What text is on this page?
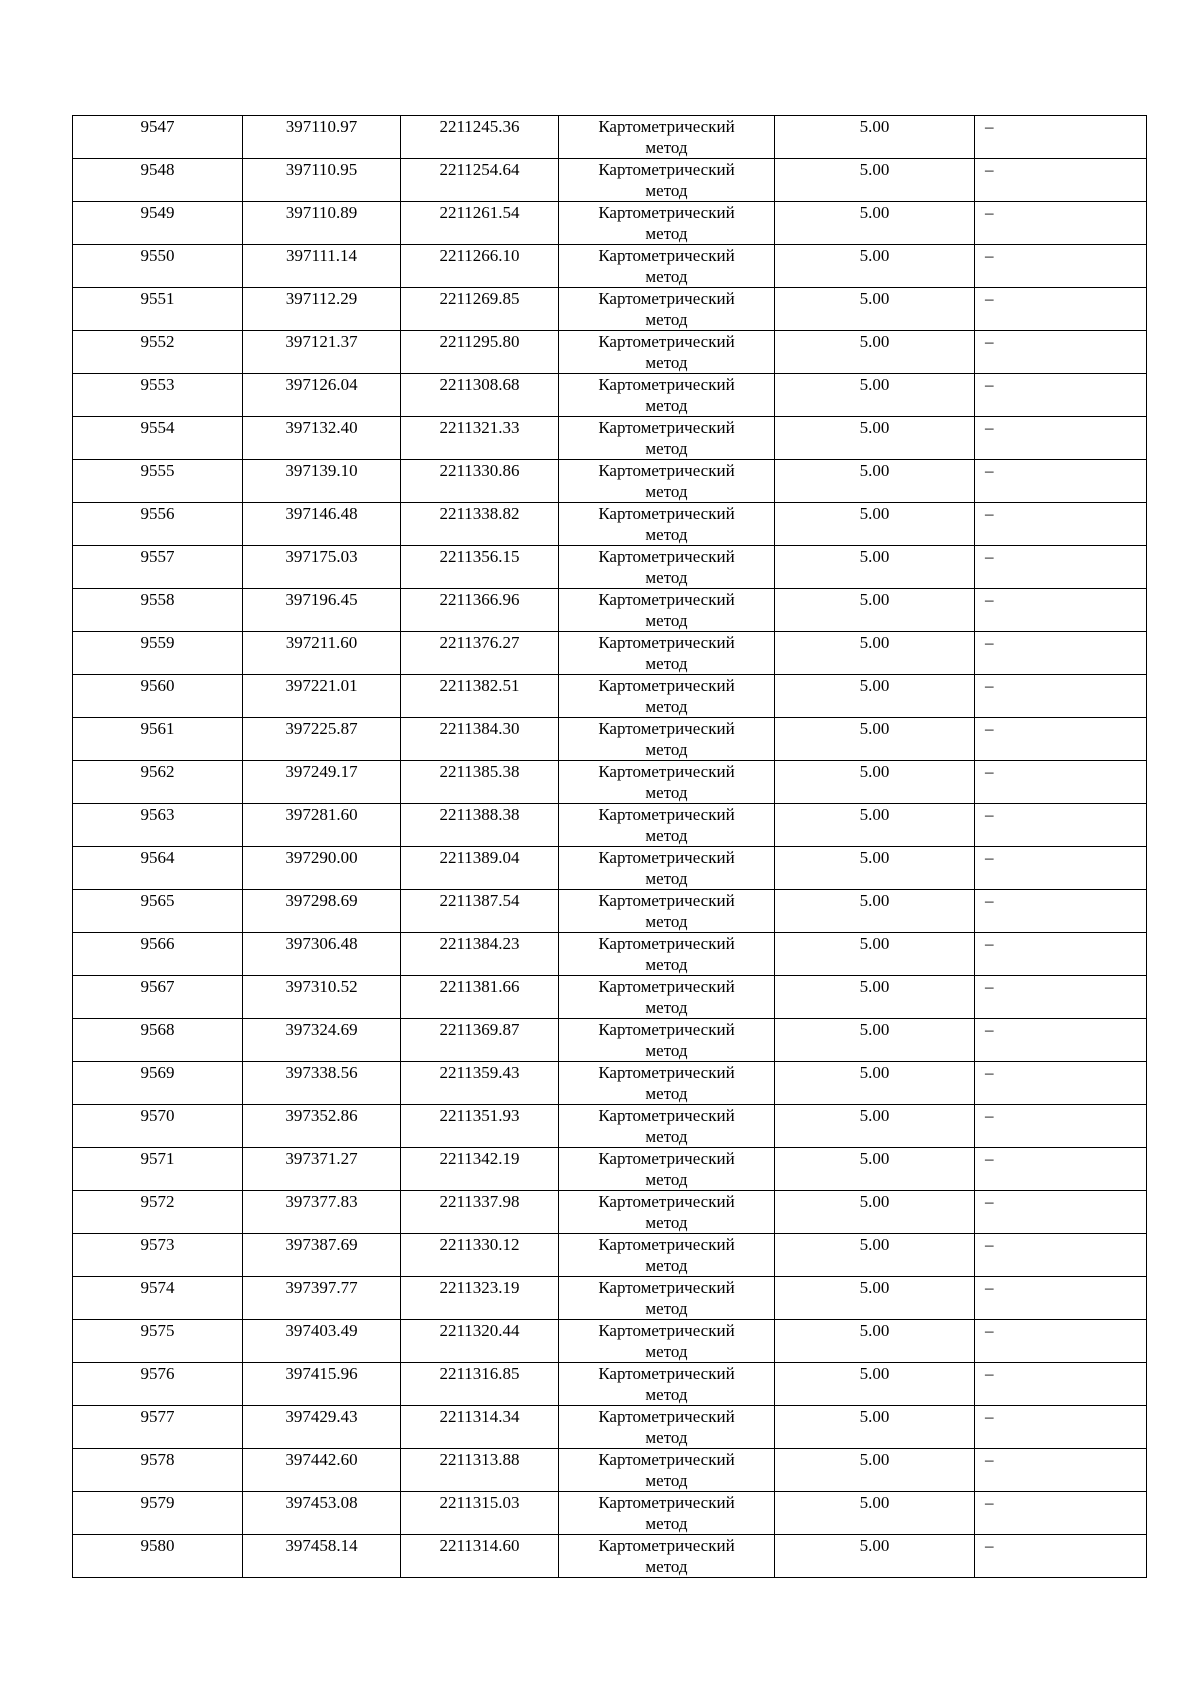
9547	397110.97	2211245.36	Картометрический
метод	5.00	–
9548	397110.95	2211254.64	Картометрический
метод	5.00	–
9549	397110.89	2211261.54	Картометрический
метод	5.00	–
9550	397111.14	2211266.10	Картометрический
метод	5.00	–
9551	397112.29	2211269.85	Картометрический
метод	5.00	–
9552	397121.37	2211295.80	Картометрический
метод	5.00	–
9553	397126.04	2211308.68	Картометрический
метод	5.00	–
9554	397132.40	2211321.33	Картометрический
метод	5.00	–
9555	397139.10	2211330.86	Картометрический
метод	5.00	–
9556	397146.48	2211338.82	Картометрический
метод	5.00	–
9557	397175.03	2211356.15	Картометрический
метод	5.00	–
9558	397196.45	2211366.96	Картометрический
метод	5.00	–
9559	397211.60	2211376.27	Картометрический
метод	5.00	–
9560	397221.01	2211382.51	Картометрический
метод	5.00	–
9561	397225.87	2211384.30	Картометрический
метод	5.00	–
9562	397249.17	2211385.38	Картометрический
метод	5.00	–
9563	397281.60	2211388.38	Картометрический
метод	5.00	–
9564	397290.00	2211389.04	Картометрический
метод	5.00	–
9565	397298.69	2211387.54	Картометрический
метод	5.00	–
9566	397306.48	2211384.23	Картометрический
метод	5.00	–
9567	397310.52	2211381.66	Картометрический
метод	5.00	–
9568	397324.69	2211369.87	Картометрический
метод	5.00	–
9569	397338.56	2211359.43	Картометрический
метод	5.00	–
9570	397352.86	2211351.93	Картометрический
метод	5.00	–
9571	397371.27	2211342.19	Картометрический
метод	5.00	–
9572	397377.83	2211337.98	Картометрический
метод	5.00	–
9573	397387.69	2211330.12	Картометрический
метод	5.00	–
9574	397397.77	2211323.19	Картометрический
метод	5.00	–
9575	397403.49	2211320.44	Картометрический
метод	5.00	–
9576	397415.96	2211316.85	Картометрический
метод	5.00	–
9577	397429.43	2211314.34	Картометрический
метод	5.00	–
9578	397442.60	2211313.88	Картометрический
метод	5.00	–
9579	397453.08	2211315.03	Картометрический
метод	5.00	–
9580	397458.14	2211314.60	Картометрический
метод	5.00	–
